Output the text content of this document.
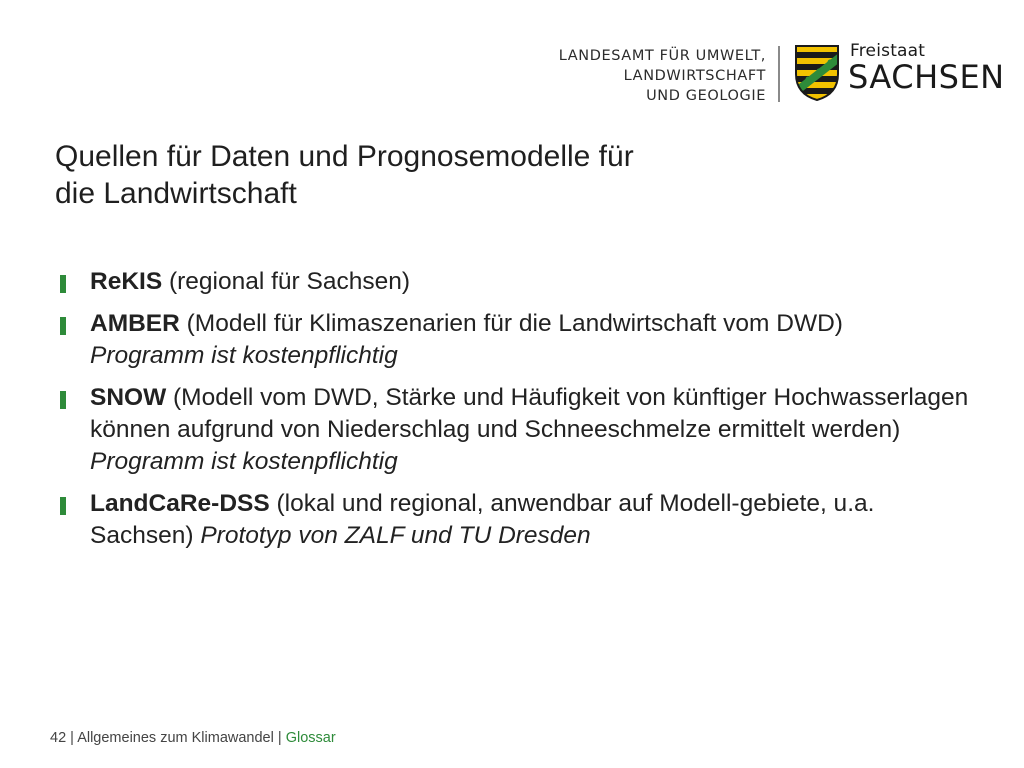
LANDESAMT FÜR UMWELT,
LANDWIRTSCHAFT
UND GEOLOGIE
Freistaat
SACHSEN
Quellen für Daten und Prognosemodelle für
die Landwirtschaft
ReKIS (regional für Sachsen)
AMBER (Modell für Klimaszenarien für die Landwirtschaft vom DWD)
Programm ist kostenpflichtig
SNOW (Modell vom DWD, Stärke und Häufigkeit von künftiger Hochwasserlagen können aufgrund von Niederschlag und Schneeschmelze ermittelt werden)
Programm ist kostenpflichtig
LandCaRe-DSS (lokal und regional, anwendbar auf Modell-gebiete, u.a. Sachsen) Prototyp von ZALF und TU Dresden
42 | Allgemeines zum Klimawandel | Glossar
